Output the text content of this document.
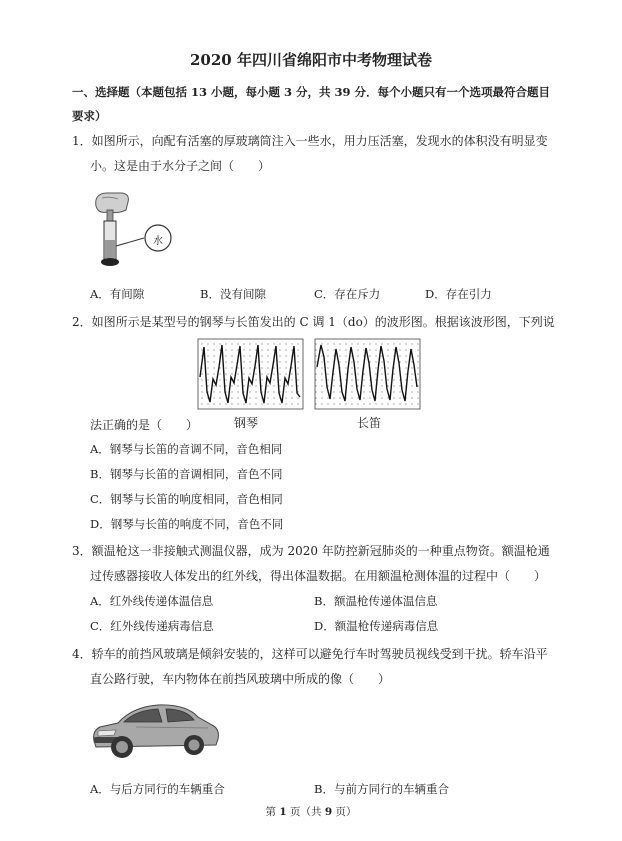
2020 年四川省绵阳市中考物理试卷
一、选择题（本题包括 13 小题，每小题 3 分，共 39 分．每个小题只有一个选项最符合题目要求）
1．如图所示，向配有活塞的厚玻璃筒注入一些水，用力压活塞，发现水的体积没有明显变
小。这是由于水分子之间（　　）
水
A．有间隙	B．没有间隙	C．存在斥力	D．存在引力
2．如图所示是某型号的钢琴与长笛发出的 C 调 1（do）的波形图。根据该波形图，下列说
钢琴	长笛
法正确的是（　　）
A．钢琴与长笛的音调不同，音色相同
B．钢琴与长笛的音调相同，音色不同
C．钢琴与长笛的响度相同，音色相同
D．钢琴与长笛的响度不同，音色不同
3．额温枪这一非接触式测温仪器，成为 2020 年防控新冠肺炎的一种重点物资。额温枪通
过传感器接收人体发出的红外线，得出体温数据。在用额温枪测体温的过程中（　　）
A．红外线传递体温信息	B．额温枪传递体温信息
C．红外线传递病毒信息	D．额温枪传递病毒信息
4．轿车的前挡风玻璃是倾斜安装的，这样可以避免行车时驾驶员视线受到干扰。轿车沿平
直公路行驶，车内物体在前挡风玻璃中所成的像（　　）
A．与后方同行的车辆重合	B．与前方同行的车辆重合
第 1 页（共 9 页）
